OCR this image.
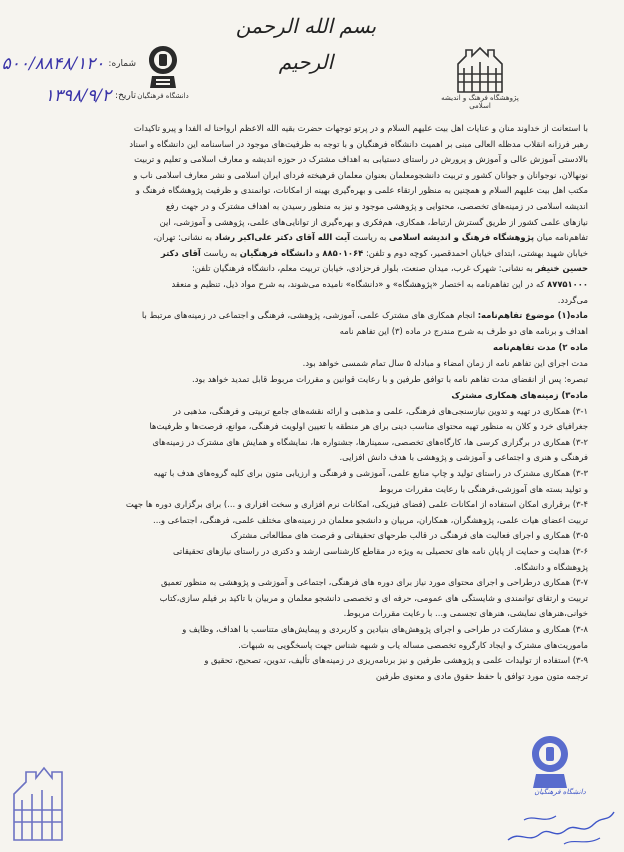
بسم الله الرحمن الرحیم
پژوهشگاه فرهنگ و اندیشه اسلامی
دانشگاه فرهنگیان
شماره:
۵۰۰/۸۸۴۸/۱۲۰
تاریخ:
۱۳۹۸/۹/۲

با استعانت از خداوند منان و عنایات اهل بیت علیهم السلام و در پرتو توجهات حضرت بقیه الله الاعظم ارواحنا له الفدا و پیرو تاکیدات

رهبر فرزانه انقلاب مدظله العالی مبنی بر اهمیت دانشگاه فرهنگیان و با توجه به ظرفیت‌های موجود در اساسنامه این دانشگاه و اسناد

بالادستی آموزش عالی و آموزش و پرورش در راستای دستیابی به اهداف مشترک در حوزه اندیشه و معارف اسلامی و تعلیم و تربیت

نونهالان، نوجوانان و جوانان کشور و تربیت دانشجومعلمان بعنوان معلمان فرهیخته فردای ایران اسلامی و نشر معارف اسلامی ناب و

مکتب اهل بیت علیهم السلام و همچنین به منظور ارتقاء علمی و بهره‌گیری بهینه از امکانات، توانمندی و ظرفیت پژوهشگاه فرهنگ و

اندیشه اسلامی در زمینه‌های تخصصی، محتوایی و پژوهشی موجود و نیز به منظور رسیدن به اهداف مشترک و در جهت رفع

نیازهای علمی کشور از طریق گسترش ارتباط، همکاری، هم‌فکری و بهره‌گیری از توانایی‌های علمی، پژوهشی و آموزشی، این

تفاهم‌نامه میان پژوهشگاه فرهنگ و اندیشه اسلامی به ریاست آیت الله آقای دکتر علی‌اکبر رشاد به نشانی: تهران،

خیابان شهید بهشتی، ابتدای خیابان احمدقصیر، کوچه دوم و تلفن: ۸۸۵۰۱۰۶۴ و دانشگاه فرهنگیان به ریاست آقای دکتر

حسین خنیفر به نشانی: شهرک غرب، میدان صنعت، بلوار فرحزادی، خیابان تربیت معلم، دانشگاه فرهنگیان تلفن:

۸۷۷۵۱۰۰۰ که در این تفاهم‌نامه به اختصار «پژوهشگاه» و «دانشگاه» نامیده می‌شوند، به شرح مواد ذیل، تنظیم و منعقد

می‌گردد.

ماده(۱) موضوع تفاهم‌نامه: انجام همکاری های مشترک علمی، آموزشی، پژوهشی، فرهنگی و اجتماعی در زمینه‌های مرتبط با

اهداف و برنامه های دو طرف به شرح مندرج در ماده (۳) این تفاهم نامه

ماده ۲) مدت تفاهم‌نامه

مدت اجرای این تفاهم نامه از زمان امضاء و مبادله ۵ سال تمام شمسی خواهد بود.

تبصره: پس از انقضای مدت تفاهم نامه با توافق طرفین و با رعایت قوانین و مقررات مربوط قابل تمدید خواهد بود.

ماده۳) زمینه‌های همکاری مشترک

۳-۱) همکاری در تهیه و تدوین نیازسنجی‌های فرهنگی، علمی و مذهبی و ارائه نقشه‌های جامع تربیتی و فرهنگی، مذهبی در

جغرافیای خرد و کلان به منظور تهیه محتوای مناسب دینی برای هر منطقه با تعیین اولویت فرهنگی، موانع، فرصت‌ها و ظرفیت‌ها

۳-۲) همکاری در برگزاری کرسی ها، کارگاه‌های تخصصی، سمینارها، جشنواره ها، نمایشگاه و همایش های مشترک در زمینه‌های

فرهنگی و هنری و اجتماعی و آموزشی و پژوهشی با هدف دانش افزایی.

۳-۳) همکاری مشترک در راستای تولید و چاپ منابع علمی، آموزشی و فرهنگی و ارزیابی متون برای کلیه گروه‌های هدف با تهیه

و تولید بسته های آموزشی،فرهنگی با رعایت مقررات مربوط

۳-۴) برقراری امکان استفاده از امکانات علمی (فضای فیزیکی، امکانات نرم افزاری و سخت افزاری و ...) برای برگزاری دوره ها جهت

تربیت اعضای هیات علمی، پژوهشگران، همکاران، مربیان و دانشجو معلمان در زمینه‌های مختلف علمی، فرهنگی، اجتماعی و...

۳-۵) همکاری و اجرای فعالیت های فرهنگی در قالب طرحهای تحقیقاتی و فرصت های مطالعاتی مشترک

۳-۶) هدایت و حمایت از پایان نامه های تحصیلی به ویژه در مقاطع کارشناسی ارشد و دکتری در راستای نیازهای تحقیقاتی

پژوهشگاه و دانشگاه.

۳-۷) همکاری درطراحی و اجرای محتوای مورد نیاز برای دوره های فرهنگی، اجتماعی و آموزشی و پژوهشی به منظور تعمیق

تربیت و ارتقای توانمندی و شایستگی های عمومی، حرفه ای و تخصصی دانشجو معلمان و مربیان با تاکید بر فیلم سازی،کتاب

خوانی،هنرهای نمایشی، هنرهای تجسمی و... با رعایت مقررات مربوط.

۳-۸) همکاری و مشارکت در طراحی و اجرای پژوهش‌های بنیادین و کاربردی و پیمایش‌های متناسب با اهداف، وظایف و

ماموریت‌های مشترک و ایجاد کارگروه تخصصی مساله یاب و شبهه شناس جهت پاسخگویی به شبهات.

۳-۹) استفاده از تولیدات علمی و پژوهشی طرفین و نیز برنامه‌ریزی در زمینه‌های تألیف، تدوین، تصحیح، تحقیق و

ترجمه متون مورد توافق با حفظ حقوق مادی و معنوی طرفین

دانشگاه فرهنگیان
